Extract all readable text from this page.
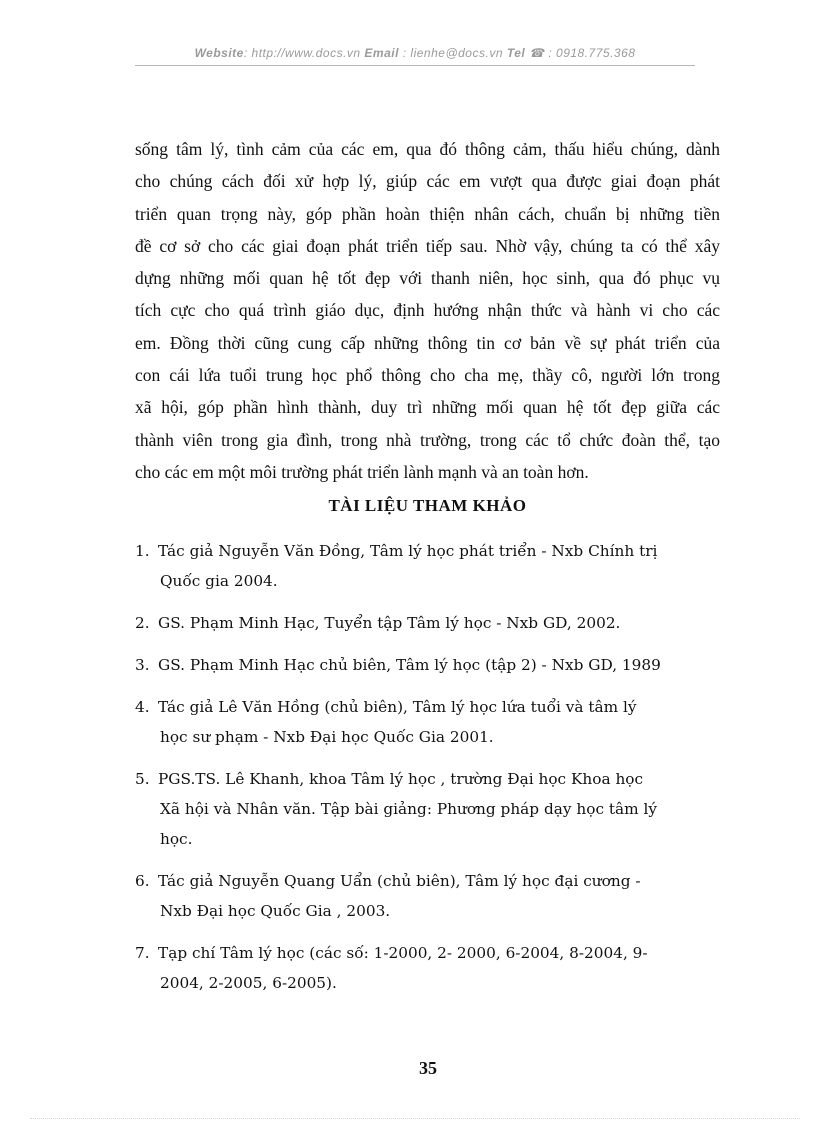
Website: http://www.docs.vn Email : lienhe@docs.vn Tel ☎ : 0918.775.368
sống tâm lý, tình cảm của các em, qua đó thông cảm, thấu hiểu chúng, dành
cho chúng cách đối xử hợp lý, giúp các em vượt qua được giai đoạn phát
triển quan trọng này, góp phần hoàn thiện nhân cách, chuẩn bị những tiền
đề cơ sở cho các giai đoạn phát triển tiếp sau. Nhờ vậy, chúng ta có thể xây
dựng những mối quan hệ tốt đẹp với thanh niên, học sinh, qua đó phục vụ
tích cực cho quá trình giáo dục, định hướng nhận thức và hành vi cho các
em. Đồng thời cũng cung cấp những thông tin cơ bản về sự phát triển của
con cái lứa tuổi trung học phổ thông cho cha mẹ, thầy cô, người lớn trong
xã hội, góp phần hình thành, duy trì những mối quan hệ tốt đẹp giữa các
thành viên trong gia đình, trong nhà trường, trong các tổ chức đoàn thể, tạo
cho các em một môi trường phát triển lành mạnh và an toàn hơn.
TÀI LIỆU THAM KHẢO
1. Tác giả Nguyễn Văn Đồng, Tâm lý học phát triển - Nxb Chính trị
Quốc gia 2004.
2. GS. Phạm Minh Hạc, Tuyển tập Tâm lý học - Nxb GD, 2002.
3. GS. Phạm Minh Hạc chủ biên, Tâm lý học (tập 2) - Nxb GD, 1989
4. Tác giả Lê Văn Hồng (chủ biên), Tâm lý học lứa tuổi và tâm lý
học sư phạm - Nxb Đại học Quốc Gia 2001.
5. PGS.TS. Lê Khanh, khoa Tâm lý học , trường Đại học Khoa học
Xã hội và Nhân văn. Tập bài giảng: Phương pháp dạy học tâm lý
học.
6. Tác giả Nguyễn Quang Uẩn (chủ biên), Tâm lý học đại cương -
Nxb Đại học Quốc Gia , 2003.
7. Tạp chí Tâm lý học (các số: 1-2000, 2- 2000, 6-2004, 8-2004, 9-
2004, 2-2005, 6-2005).
35
